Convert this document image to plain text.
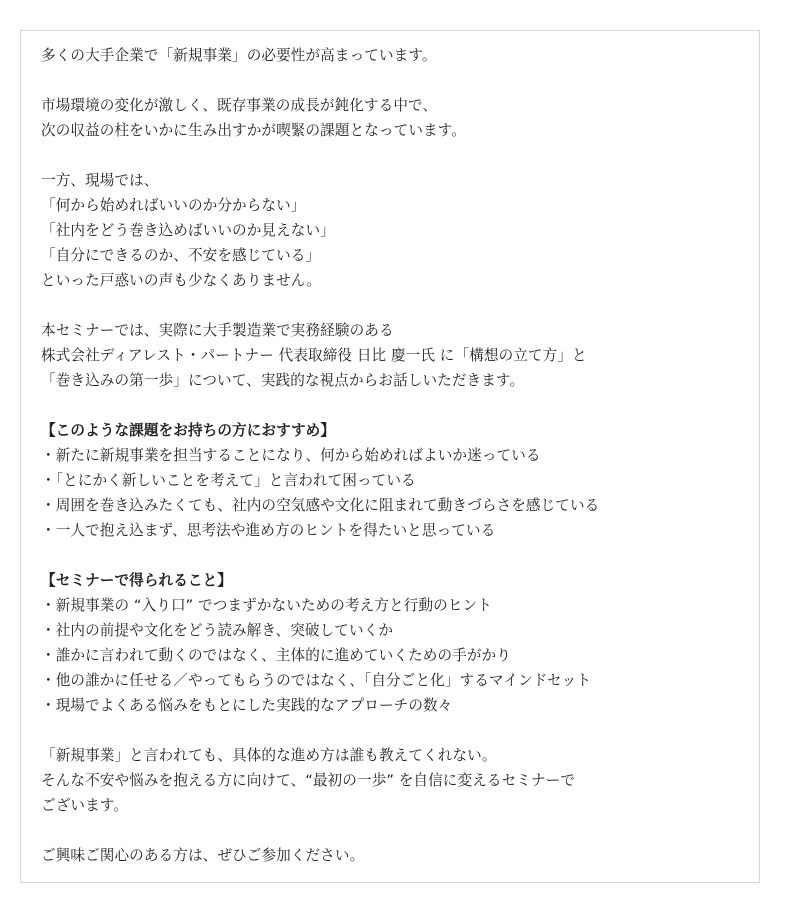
多くの大手企業で「新規事業」の必要性が高まっています。
市場環境の変化が激しく、既存事業の成長が鈍化する中で、
次の収益の柱をいかに生み出すかが喫緊の課題となっています。
一方、現場では、
「何から始めればいいのか分からない」
「社内をどう巻き込めばいいのか見えない」
「自分にできるのか、不安を感じている」
といった戸惑いの声も少なくありません。
本セミナーでは、実際に大手製造業で実務経験のある
株式会社ディアレスト・パートナー 代表取締役 日比 慶一氏 に「構想の立て方」と
「巻き込みの第一歩」について、実践的な視点からお話しいただきます。
【このような課題をお持ちの方におすすめ】
・新たに新規事業を担当することになり、何から始めればよいか迷っている
・「とにかく新しいことを考えて」と言われて困っている
・周囲を巻き込みたくても、社内の空気感や文化に阻まれて動きづらさを感じている
・一人で抱え込まず、思考法や進め方のヒントを得たいと思っている
【セミナーで得られること】
・新規事業の “入り口” でつまずかないための考え方と行動のヒント
・社内の前提や文化をどう読み解き、突破していくか
・誰かに言われて動くのではなく、主体的に進めていくための手がかり
・他の誰かに任せる／やってもらうのではなく、「自分ごと化」するマインドセット
・現場でよくある悩みをもとにした実践的なアプローチの数々
「新規事業」と言われても、具体的な進め方は誰も教えてくれない。
そんな不安や悩みを抱える方に向けて、“最初の一歩” を自信に変えるセミナーで
ございます。
ご興味ご関心のある方は、ぜひご参加ください。
